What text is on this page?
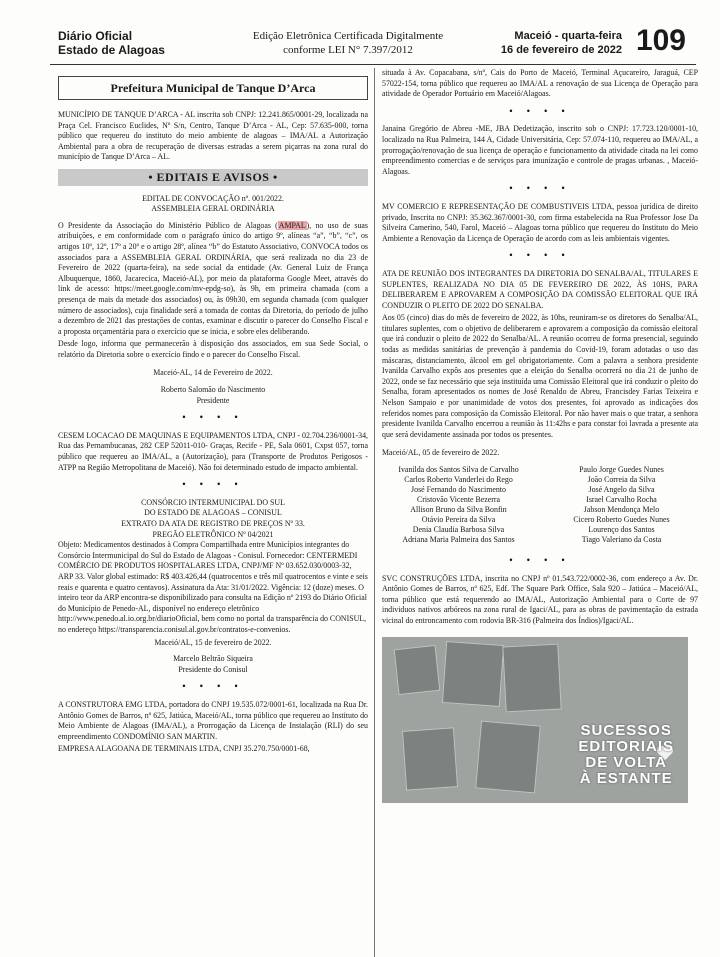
Diário Oficial
Estado de Alagoas
Edição Eletrônica Certificada Digitalmente
conforme LEI N° 7.397/2012
Maceió - quarta-feira
16 de fevereiro de 2022 109
Prefeitura Municipal de Tanque D’Arca

MUNICÍPIO DE TANQUE D’ARCA - AL inscrita sob CNPJ: 12.241.865/0001-29, localizada na Praça Cel. Francisco Euclides, Nº S/n, Centro, Tanque D’Arca - AL, Cep: 57.635-000, torna público que requereu do instituto do meio ambiente de alagoas – IMA/AL a Autorização Ambiental para a obra de recuperação de diversas estradas a serem piçarras na zona rural do município de Tanque D’Arca – AL.

• EDITAIS E AVISOS •
EDITAL DE CONVOCAÇÃO nº. 001/2022.
ASSEMBLEIA GERAL ORDINÁRIA

O Presidente da Associação do Ministério Público de Alagoas (AMPAL), no uso de suas atribuições, e em conformidade com o parágrafo único do artigo 9º, alíneas “a”, “b”, “c”, os artigos 10º, 12º, 17º a 20º e o artigo 28º, alínea “b” do Estatuto Associativo, CONVOCA todos os associados para a ASSEMBLEIA GERAL ORDINÁRIA, que será realizada no dia 23 de Fevereiro de 2022 (quarta-feira), na sede social da entidade (Av. General Luiz de França Albuquerque, 1860, Jacarecica, Maceió-AL), por meio da plataforma Google Meet, através do link de acesso: https://meet.google.com/mv-epdg-so), às 9h, em primeira chamada (com a presença de mais da metade dos associados) ou, às 09h30, em segunda chamada (com qualquer número de associados), cuja finalidade será a tomada de contas da Diretoria, do período de julho a dezembro de 2021 das prestações de contas, examinar e discutir o parecer do Conselho Fiscal e a proposta orçamentária para o exercício que se inicia, e sobre eles deliberando.

Desde logo, informa que permanecerão à disposição dos associados, em sua Sede Social, o relatório da Diretoria sobre o exercício findo e o parecer do Conselho Fiscal.

Maceió-AL, 14 de Fevereiro de 2022.
Roberto Salomão do Nascimento
Presidente
• • • •

CESEM LOCACAO DE MAQUINAS E EQUIPAMENTOS LTDA, CNPJ - 02.704.236/0001-34, Rua das Pernambucanas, 282 CEP 52011-010- Graças, Recife - PE, Sala 0601, Cxpst 057, torna público que requereu ao IMA/AL, a (Autorização), para (Transporte de Produtos Perigosos - ATPP na Região Metropolitana de Maceió). Não foi determinado estudo de impacto ambiental.

• • • •
CONSÓRCIO INTERMUNICIPAL DO SUL
DO ESTADO DE ALAGOAS – CONISUL
EXTRATO DA ATA DE REGISTRO DE PREÇOS Nº 33.
PREGÃO ELETRÔNICO Nº 04/2021

Objeto: Medicamentos destinados à Compra Compartilhada entre Municípios integrantes do Consórcio Intermunicipal do Sul do Estado de Alagoas - Conisul. Fornecedor: CENTERMEDI COMÉRCIO DE PRODUTOS HOSPITALARES LTDA, CNPJ/MF Nº 03.652.030/0003-32, ARP 33. Valor global estimado: R$ 403.426,44 (quatrocentos e três mil quatrocentos e vinte e seis reais e quarenta e quatro centavos). Assinatura da Ata: 31/01/2022. Vigência: 12 (doze) meses. O inteiro teor da ARP encontra-se disponibilizado para consulta na Edição nº 2193 do Diário Oficial do Município de Penedo-AL, disponível no endereço eletrônico http://www.penedo.al.io.org.br/diarioOficial, bem como no portal da transparência do CONISUL, no endereço https://transparencia.conisul.al.gov.br/contratos-e-convenios.

Maceió/AL, 15 de fevereiro de 2022.
Marcelo Beltrão Siqueira
Presidente do Conisul
• • • •

A CONSTRUTORA EMG LTDA, portadora do CNPJ 19.535.072/0001-61, localizada na Rua Dr. Antônio Gomes de Barros, nº 625, Jatiúca, Maceió/AL, torna público que requereu ao Instituto do Meio Ambiente de Alagoas (IMA/AL), a Prorrogação da Licença de Instalação (RLI) do seu empreendimento CONDOMÍNIO SAN MARTIN.

EMPRESA ALAGOANA DE TERMINAIS LTDA, CNPJ 35.270.750/0001-68,

situada à Av. Copacabana, s/nº, Cais do Porto de Maceió, Terminal Açucareiro, Jaraguá, CEP 57022-154, torna público que requereu ao IMA/AL a renovação de sua Licença de Operação para atividade de Operador Portuário em Maceió/Alagoas.

• • • •

Janaina Gregório de Abreu -ME, JBA Dedetização, inscrito sob o CNPJ: 17.723.120/0001-10, localizado na Rua Palmeira, 144 A, Cidade Universitária, Cep: 57.074-110, requereu ao IMA/AL, a prorrogação/renovação de sua licença de operação e funcionamento da atividade citada na lei como empreendimento comercias e de serviços para imunização e controle de pragas urbanas. , Maceió-Alagoas.

• • • •

MV COMERCIO E REPRESENTAÇÃO DE COMBUSTIVEIS LTDA, pessoa jurídica de direito privado, Inscrita no CNPJ: 35.362.367/0001-30, com firma estabelecida na Rua Professor Jose Da Silveira Camerino, 540, Farol, Maceió – Alagoas torna público que requereu do Instituto do Meio Ambiente a Renovação da Licença de Operação de acordo com as leis ambientais vigentes.

• • • •

ATA DE REUNIÃO DOS INTEGRANTES DA DIRETORIA DO SENALBA/AL, TITULARES E SUPLENTES, REALIZADA NO DIA 05 DE FEVEREIRO DE 2022, ÀS 10HS, PARA DELIBERAREM E APROVAREM A COMPOSIÇÃO DA COMISSÃO ELEITORAL QUE IRÁ CONDUZIR O PLEITO DE 2022 DO SENALBA.

Aos 05 (cinco) dias do mês de fevereiro de 2022, às 10hs, reuniram-se os diretores do Senalba/AL, titulares suplentes, com o objetivo de deliberarem e aprovarem a composição da comissão eleitoral que irá conduzir o pleito de 2022 do Senalba/AL. A reunião ocorreu de forma presencial, seguindo todas as medidas sanitárias de prevenção à pandemia do Covid-19, foram adotadas o uso das máscaras, distanciamento, álcool em gel obrigatoriamente. Com a palavra a senhora presidente Ivanilda Carvalho expôs aos presentes que a eleição do Senalba ocorrerá no dia 21 de junho de 2022, onde se faz necessário que seja instituída uma Comissão Eleitoral que irá conduzir o pleito do Senalba, foram apresentados os nomes de José Renaldo de Abreu, Francisdey Farias Teixeira e Nelson Sampaio e por unanimidade de votos dos presentes, foi aprovado as indicações dos referidos nomes para composição da Comissão Eleitoral. Por não haver mais o que tratar, a senhora presidente Ivanilda Carvalho encerrou a reunião às 11:42hs e para constar foi lavrada a presente ata que será devidamente assinada por todos os presentes.

Maceió/AL, 05 de fevereiro de 2022.
Ivanilda dos Santos Silva de Carvalho	Paulo Jorge Guedes Nunes
Carlos Roberto Vanderlei do Rego	João Correia da Silva
José Fernando do Nascimento	José Angelo da Silva
Cristovão Vicente Bezerra	Israel Carvalho Rocha
Allison Bruno da Silva Bonfin	Jabson Mendonça Melo
Otávio Pereira da Silva	Cicero Roberto Guedes Nunes
Denia Claudia Barbosa Silva	Lourenço dos Santos
Adriana Maria Palmeira dos Santos	Tiago Valeriano da Costa
• • • •

SVC CONSTRUÇÕES LTDA, inscrita no CNPJ nº 01.543.722/0002-36, com endereço a Av. Dr. Antônio Gomes de Barros, nº 625, Edf. The Square Park Office, Sala 920 – Jatiúca – Maceió/AL, torna público que está requerendo ao IMA/AL, Autorização Ambiental para o Corte de 97 individuos nativos arbóreos na zona rural de Igaci/AL, para as obras de pavimentação da estrada vicinal do entroncamento com rodovia BR-316 (Palmeira dos Índios)/Igaci/AL.

SUCESSOS
EDITORIAIS
DE VOLTA
À ESTANTE
